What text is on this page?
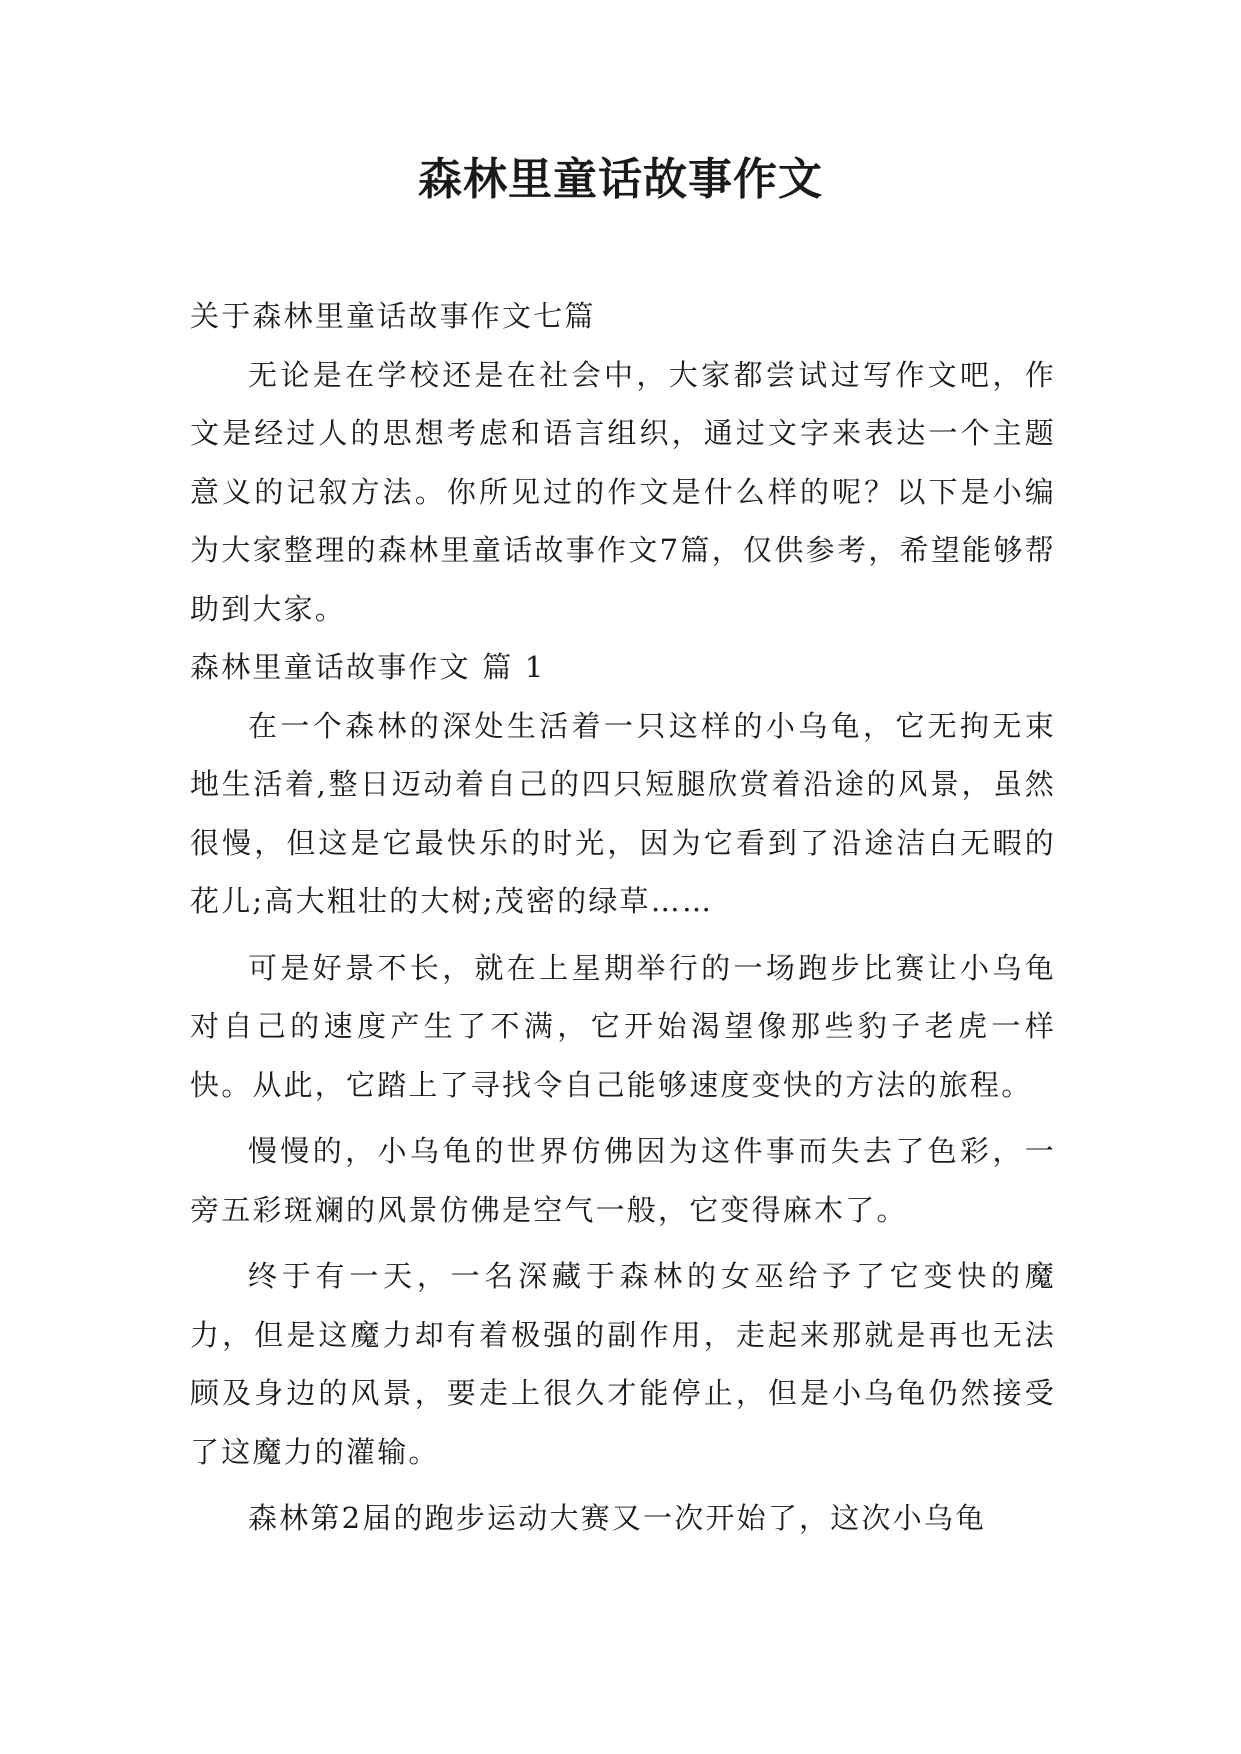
森林里童话故事作文

关于森林里童话故事作文七篇

无论是在学校还是在社会中，大家都尝试过写作文吧，作文是经过人的思想考虑和语言组织，通过文字来表达一个主题意义的记叙方法。你所见过的作文是什么样的呢？以下是小编为大家整理的森林里童话故事作文7篇，仅供参考，希望能够帮助到大家。

森林里童话故事作文 篇 1

在一个森林的深处生活着一只这样的小乌龟，它无拘无束地生活着,整日迈动着自己的四只短腿欣赏着沿途的风景，虽然很慢，但这是它最快乐的时光，因为它看到了沿途洁白无暇的花儿;高大粗壮的大树;茂密的绿草……

可是好景不长，就在上星期举行的一场跑步比赛让小乌龟对自己的速度产生了不满，它开始渴望像那些豹子老虎一样快。从此，它踏上了寻找令自己能够速度变快的方法的旅程。

慢慢的，小乌龟的世界仿佛因为这件事而失去了色彩，一旁五彩斑斓的风景仿佛是空气一般，它变得麻木了。

终于有一天，一名深藏于森林的女巫给予了它变快的魔力，但是这魔力却有着极强的副作用，走起来那就是再也无法顾及身边的风景，要走上很久才能停止，但是小乌龟仍然接受了这魔力的灌输。

森林第2届的跑步运动大赛又一次开始了，这次小乌龟
